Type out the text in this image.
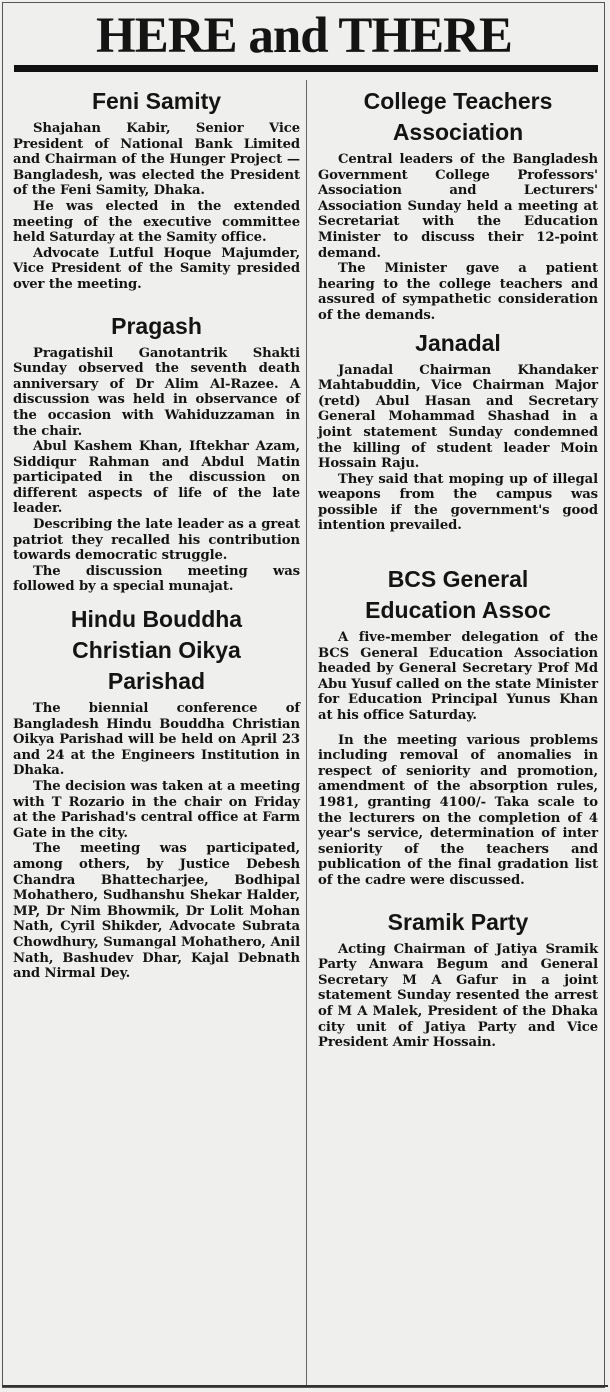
HERE and THERE
Feni Samity

Shajahan Kabir, Senior Vice President of National Bank Limited and Chairman of the Hunger Project — Bangladesh, was elected the President of the Feni Samity, Dhaka.

He was elected in the extended meeting of the executive committee held Saturday at the Samity office.

Advocate Lutful Hoque Majumder, Vice President of the Samity presided over the meeting.

Pragash

Pragatishil Ganotantrik Shakti Sunday observed the seventh death anniversary of Dr Alim Al-Razee. A discussion was held in observance of the occasion with Wahiduzzaman in the chair.

Abul Kashem Khan, Iftekhar Azam, Siddiqur Rahman and Abdul Matin participated in the discussion on different aspects of life of the late leader.

Describing the late leader as a great patriot they recalled his contribution towards democratic struggle.

The discussion meeting was followed by a special munajat.

Hindu Bouddha Christian Oikya Parishad

The biennial conference of Bangladesh Hindu Bouddha Christian Oikya Parishad will be held on April 23 and 24 at the Engineers Institution in Dhaka.

The decision was taken at a meeting with T Rozario in the chair on Friday at the Parishad's central office at Farm Gate in the city.

The meeting was participated, among others, by Justice Debesh Chandra Bhattecharjee, Bodhipal Mohathero, Sudhanshu Shekar Halder, MP, Dr Nim Bhowmik, Dr Lolit Mohan Nath, Cyril Shikder, Advocate Subrata Chowdhury, Sumangal Mohathero, Anil Nath, Bashudev Dhar, Kajal Debnath and Nirmal Dey.

College Teachers Association

Central leaders of the Bangladesh Government College Professors' Association and Lecturers' Association Sunday held a meeting at Secretariat with the Education Minister to discuss their 12-point demand.

The Minister gave a patient hearing to the college teachers and assured of sympathetic consideration of the demands.

Janadal

Janadal Chairman Khandaker Mahtabuddin, Vice Chairman Major (retd) Abul Hasan and Secretary General Mohammad Shashad in a joint statement Sunday condemned the killing of student leader Moin Hossain Raju.

They said that moping up of illegal weapons from the campus was possible if the government's good intention prevailed.

BCS General Education Assoc

A five-member delegation of the BCS General Education Association headed by General Secretary Prof Md Abu Yusuf called on the state Minister for Education Principal Yunus Khan at his office Saturday.

In the meeting various problems including removal of anomalies in respect of seniority and promotion, amendment of the absorption rules, 1981, granting 4100/- Taka scale to the lecturers on the completion of 4 year's service, determination of inter seniority of the teachers and publication of the final gradation list of the cadre were discussed.

Sramik Party

Acting Chairman of Jatiya Sramik Party Anwara Begum and General Secretary M A Gafur in a joint statement Sunday resented the arrest of M A Malek, President of the Dhaka city unit of Jatiya Party and Vice President Amir Hossain.
